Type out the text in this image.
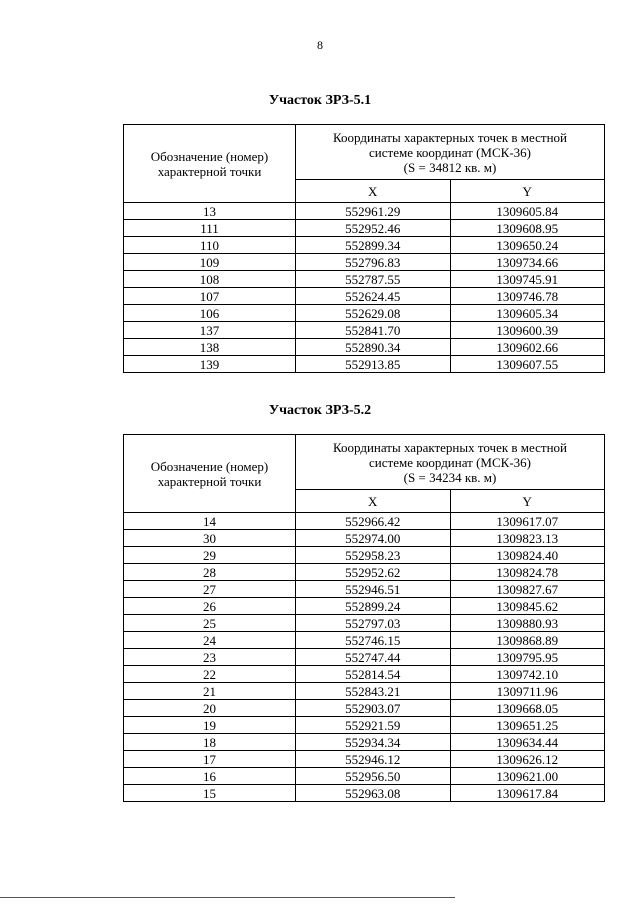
8
Участок ЗРЗ-5.1
Обозначение (номер)
характерной точки	Координаты характерных точек в местной
системе координат (МСК-36)
(S = 34812 кв. м)	

	X	Y
13	552961.29	1309605.84
111	552952.46	1309608.95
110	552899.34	1309650.24
109	552796.83	1309734.66
108	552787.55	1309745.91
107	552624.45	1309746.78
106	552629.08	1309605.34
137	552841.70	1309600.39
138	552890.34	1309602.66
139	552913.85	1309607.55
Участок ЗРЗ-5.2
Обозначение (номер)
характерной точки	Координаты характерных точек в местной
системе координат (МСК-36)
(S = 34234 кв. м)	

	X	Y
14	552966.42	1309617.07
30	552974.00	1309823.13
29	552958.23	1309824.40
28	552952.62	1309824.78
27	552946.51	1309827.67
26	552899.24	1309845.62
25	552797.03	1309880.93
24	552746.15	1309868.89
23	552747.44	1309795.95
22	552814.54	1309742.10
21	552843.21	1309711.96
20	552903.07	1309668.05
19	552921.59	1309651.25
18	552934.34	1309634.44
17	552946.12	1309626.12
16	552956.50	1309621.00
15	552963.08	1309617.84
